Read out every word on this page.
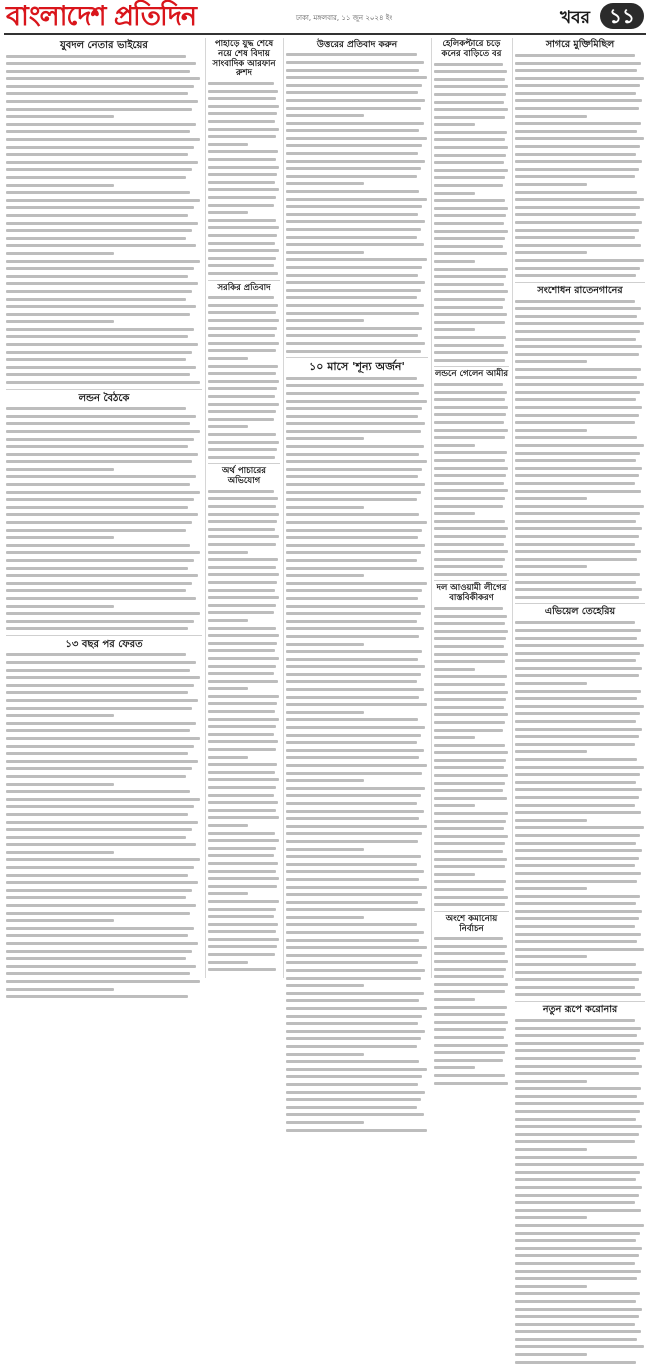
বাংলাদেশ প্রতিদিন	ঢাকা, মঙ্গলবার, ১১ জুন ২০২৪ ইং	খবর ১১
যুবদল নেতার ভাইয়ের
লন্ডন বৈঠকে
১৩ বছর পর ফেরত
পাহাড়ে যুদ্ধ শেষে নয়ে শেষ বিদায় সাংবাদিক আরফান রুশদ
সরকির প্রতিবাদ
অর্থ পাচারের অভিযোগ
উত্তরের প্রতিবাদ করুন
১০ মাসে 'শূন্য অর্জন'
হেলিকপ্টারে চড়ে কনের বাড়িতে বর
লন্ডনে গেলেন আমীর
দল আওয়ামী লীগের বাস্তবিকীকরণ
অংশে কমানোয় নির্বাচন
সাগরে মুক্তিমিছিল
সংশোধন রাতেনগানের
এভিয়েল তেহেরিয়
নতুন রূপে করোনার
